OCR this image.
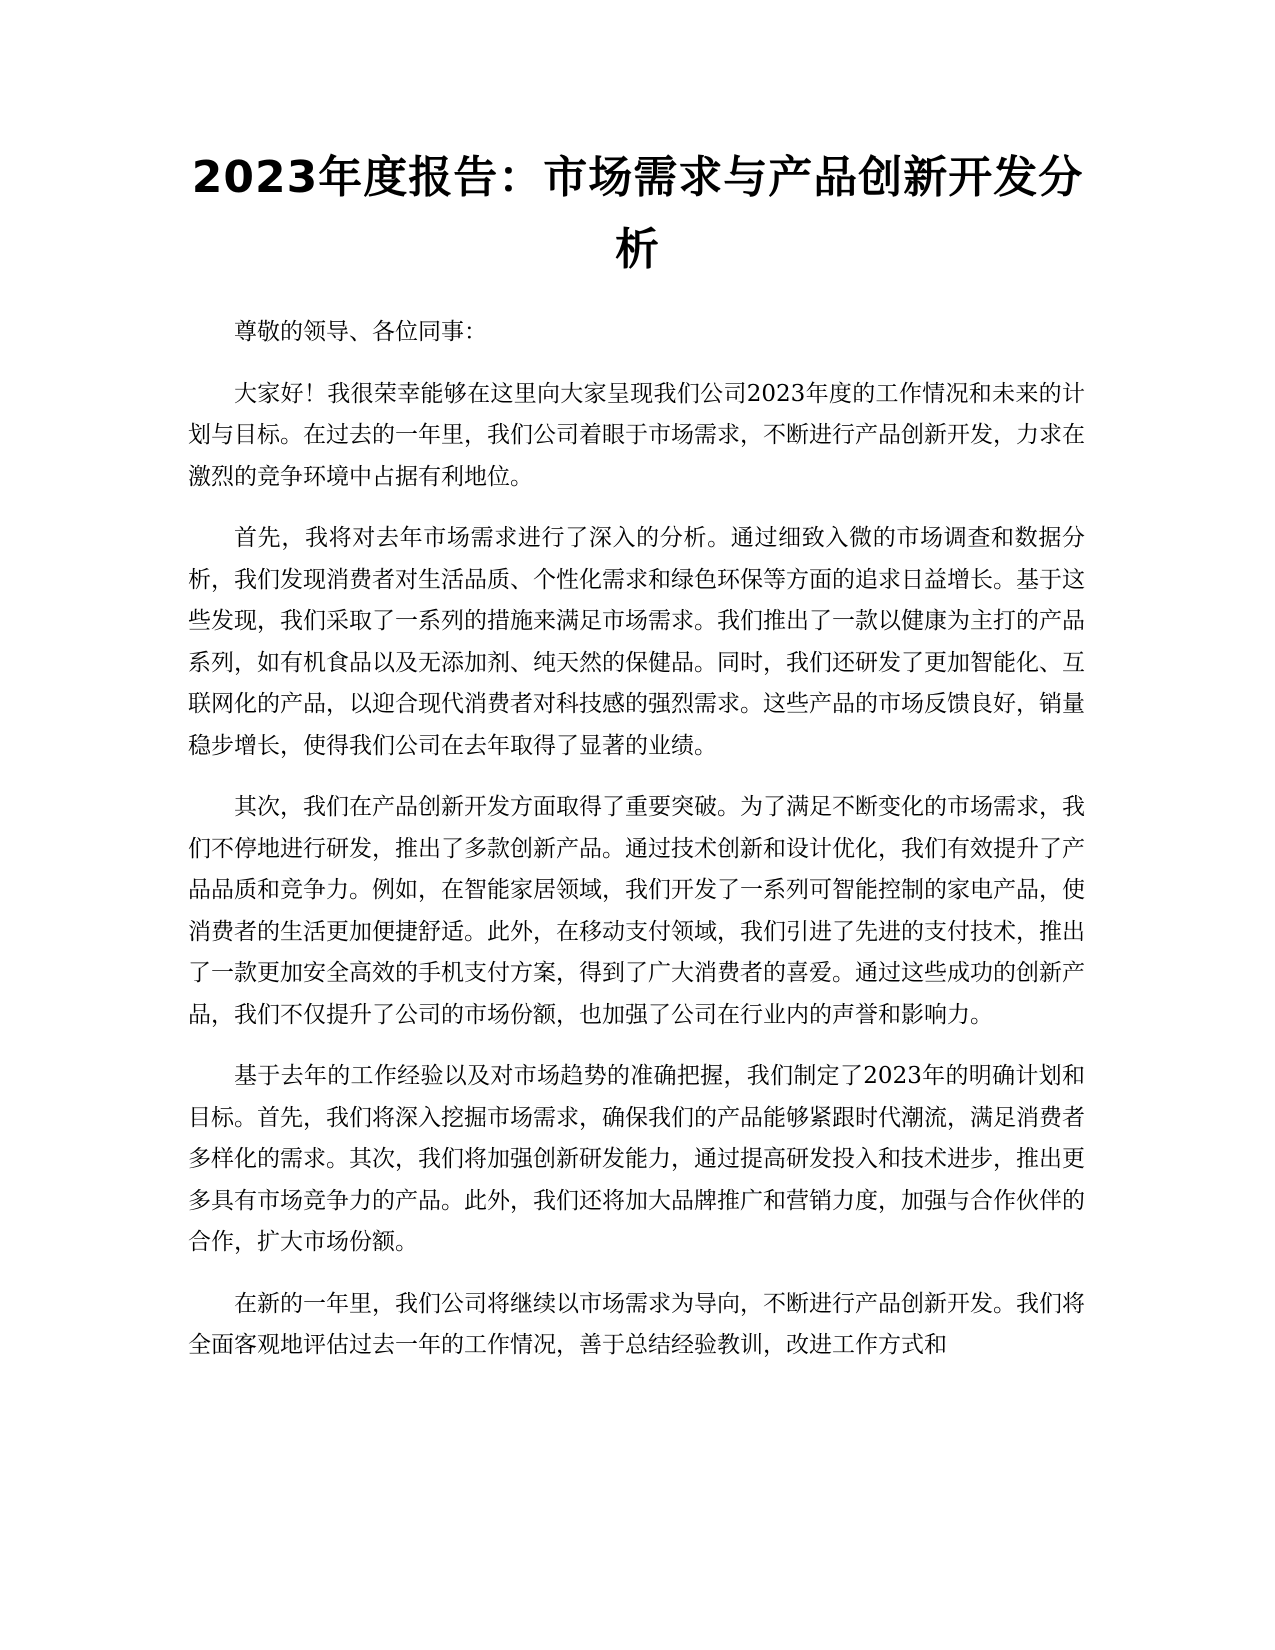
2023年度报告：市场需求与产品创新开发分析

尊敬的领导、各位同事：

大家好！我很荣幸能够在这里向大家呈现我们公司2023年度的工作情况和未来的计划与目标。在过去的一年里，我们公司着眼于市场需求，不断进行产品创新开发，力求在激烈的竞争环境中占据有利地位。

首先，我将对去年市场需求进行了深入的分析。通过细致入微的市场调查和数据分析，我们发现消费者对生活品质、个性化需求和绿色环保等方面的追求日益增长。基于这些发现，我们采取了一系列的措施来满足市场需求。我们推出了一款以健康为主打的产品系列，如有机食品以及无添加剂、纯天然的保健品。同时，我们还研发了更加智能化、互联网化的产品，以迎合现代消费者对科技感的强烈需求。这些产品的市场反馈良好，销量稳步增长，使得我们公司在去年取得了显著的业绩。

其次，我们在产品创新开发方面取得了重要突破。为了满足不断变化的市场需求，我们不停地进行研发，推出了多款创新产品。通过技术创新和设计优化，我们有效提升了产品品质和竞争力。例如，在智能家居领域，我们开发了一系列可智能控制的家电产品，使消费者的生活更加便捷舒适。此外，在移动支付领域，我们引进了先进的支付技术，推出了一款更加安全高效的手机支付方案，得到了广大消费者的喜爱。通过这些成功的创新产品，我们不仅提升了公司的市场份额，也加强了公司在行业内的声誉和影响力。

基于去年的工作经验以及对市场趋势的准确把握，我们制定了2023年的明确计划和目标。首先，我们将深入挖掘市场需求，确保我们的产品能够紧跟时代潮流，满足消费者多样化的需求。其次，我们将加强创新研发能力，通过提高研发投入和技术进步，推出更多具有市场竞争力的产品。此外，我们还将加大品牌推广和营销力度，加强与合作伙伴的合作，扩大市场份额。

在新的一年里，我们公司将继续以市场需求为导向，不断进行产品创新开发。我们将全面客观地评估过去一年的工作情况，善于总结经验教训，改进工作方式和
